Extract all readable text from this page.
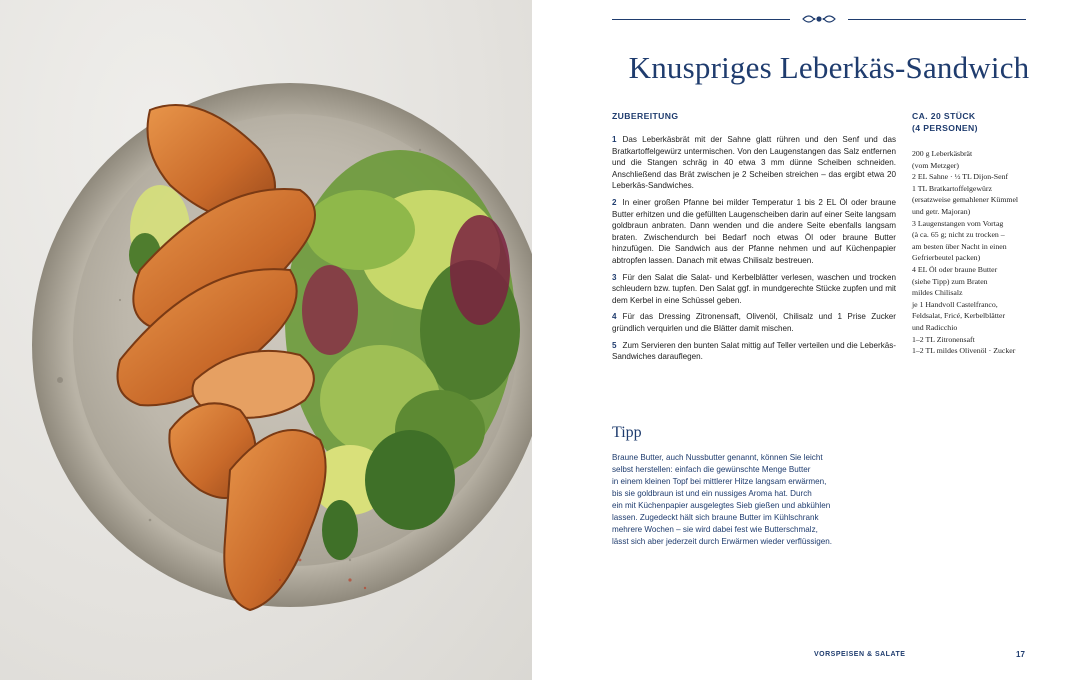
Knuspriges Leberkäs-Sandwich

ZUBEREITUNG

1 Das Leberkäsbrät mit der Sahne glatt rühren und den Senf und das Bratkartoffelgewürz untermischen. Von den Laugenstangen das Salz entfernen und die Stangen schräg in 40 etwa 3 mm dünne Scheiben schneiden. Anschließend das Brät zwischen je 2 Scheiben streichen – das ergibt etwa 20 Leberkäs-Sandwiches.
2 In einer großen Pfanne bei milder Temperatur 1 bis 2 EL Öl oder braune Butter erhitzen und die gefüllten Laugenscheiben darin auf einer Seite langsam goldbraun anbraten. Dann wenden und die andere Seite ebenfalls langsam braten. Zwischendurch bei Bedarf noch etwas Öl oder braune Butter hinzufügen. Die Sandwich aus der Pfanne nehmen und auf Küchenpapier abtropfen lassen. Danach mit etwas Chilisalz bestreuen.
3 Für den Salat die Salat- und Kerbelblätter verlesen, waschen und trocken schleudern bzw. tupfen. Den Salat ggf. in mundgerechte Stücke zupfen und mit dem Kerbel in eine Schüssel geben.
4 Für das Dressing Zitronensaft, Olivenöl, Chilisalz und 1 Prise Zucker gründlich verquirlen und die Blätter damit mischen.
5 Zum Servieren den bunten Salat mittig auf Teller verteilen und die Leberkäs-Sandwiches darauflegen.

CA. 20 STÜCK
(4 PERSONEN)

200 g Leberkäsbrät
(vom Metzger)
2 EL Sahne · ½ TL Dijon-Senf
1 TL Bratkartoffelgewürz
(ersatzweise gemahlener Kümmel
und getr. Majoran)
3 Laugenstangen vom Vortag
(à ca. 65 g; nicht zu trocken –
am besten über Nacht in einen
Gefrierbeutel packen)
4 EL Öl oder braune Butter
(siehe Tipp) zum Braten
mildes Chilisalz
je 1 Handvoll Castelfranco,
Feldsalat, Friсé, Kerbelblätter
und Radicchio
1–2 TL Zitronensaft
1–2 TL mildes Olivenöl · Zucker
Tipp
Braune Butter, auch Nussbutter genannt, können Sie leicht
selbst herstellen: einfach die gewünschte Menge Butter
in einem kleinen Topf bei mittlerer Hitze langsam erwärmen,
bis sie goldbraun ist und ein nussiges Aroma hat. Durch
ein mit Küchenpapier ausgelegtes Sieb gießen und abkühlen
lassen. Zugedeckt hält sich braune Butter im Kühlschrank
mehrere Wochen – sie wird dabei fest wie Butterschmalz,
lässt sich aber jederzeit durch Erwärmen wieder verflüssigen.
VORSPEISEN & SALATE	17
